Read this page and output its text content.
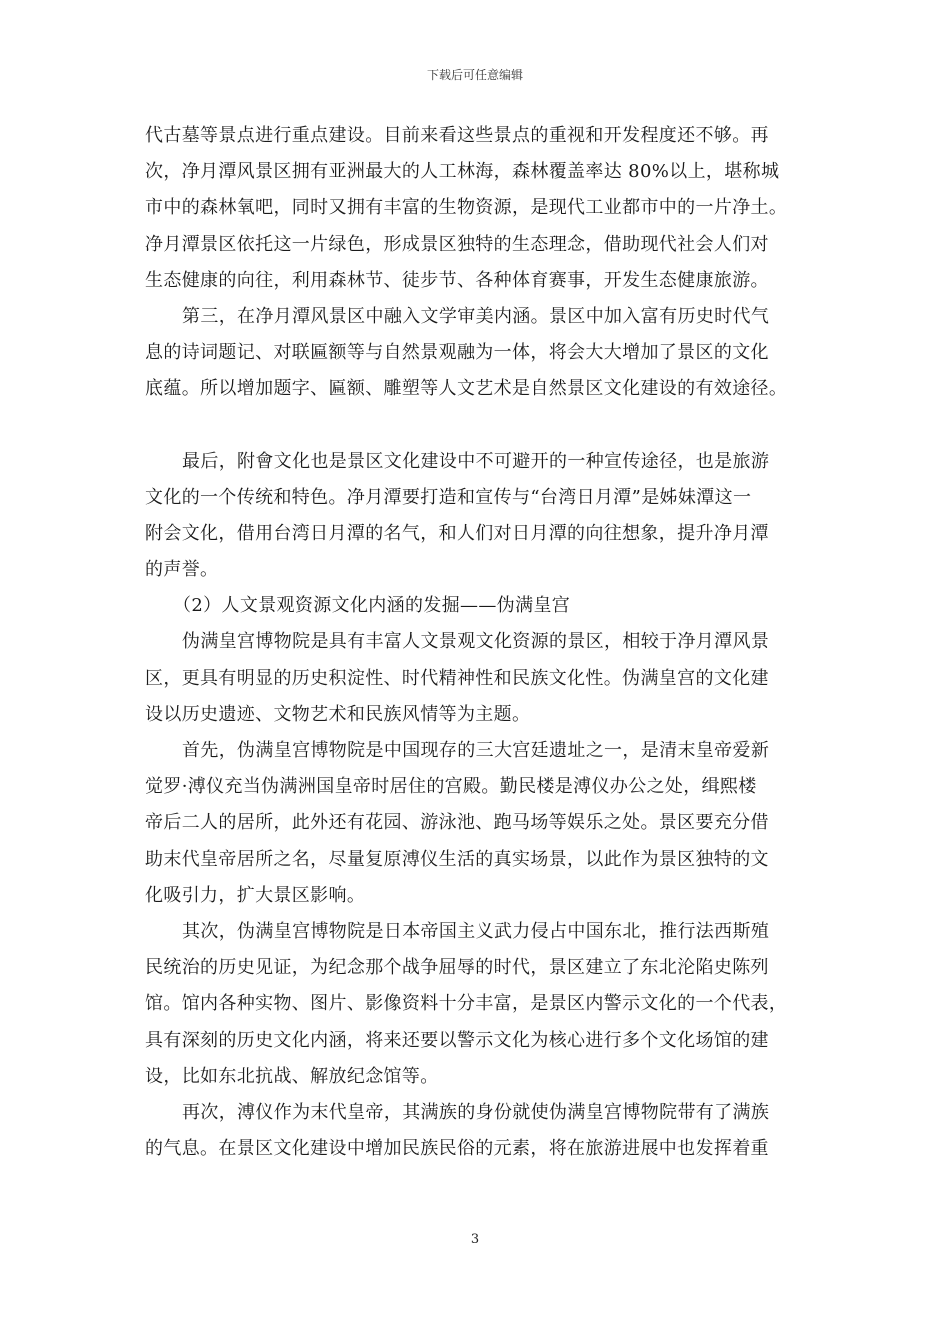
下载后可任意编辑
代古墓等景点进行重点建设。目前来看这些景点的重视和开发程度还不够。再
次，净月潭风景区拥有亚洲最大的人工林海，森林覆盖率达 80%以上，堪称城
市中的森林氧吧，同时又拥有丰富的生物资源，是现代工业都市中的一片净土。
净月潭景区依托这一片绿色，形成景区独特的生态理念，借助现代社会人们对
生态健康的向往，利用森林节、徒步节、各种体育赛事，开发生态健康旅游。
第三，在净月潭风景区中融入文学审美内涵。景区中加入富有历史时代气
息的诗词题记、对联匾额等与自然景观融为一体，将会大大增加了景区的文化
底蕴。所以增加题字、匾额、雕塑等人文艺术是自然景区文化建设的有效途径。
最后，附會文化也是景区文化建设中不可避开的一种宣传途径，也是旅游
文化的一个传统和特色。净月潭要打造和宣传与“台湾日月潭”是姊妹潭这一
附会文化，借用台湾日月潭的名气，和人们对日月潭的向往想象，提升净月潭
的声誉。
（2）人文景观资源文化内涵的发掘——伪满皇宫
伪满皇宫博物院是具有丰富人文景观文化资源的景区，相较于净月潭风景
区，更具有明显的历史积淀性、时代精神性和民族文化性。伪满皇宫的文化建
设以历史遗迹、文物艺术和民族风情等为主题。
首先，伪满皇宫博物院是中国现存的三大宫廷遗址之一，是清末皇帝爱新
觉罗·溥仪充当伪满洲国皇帝时居住的宫殿。勤民楼是溥仪办公之处，缉熙楼
帝后二人的居所，此外还有花园、游泳池、跑马场等娱乐之处。景区要充分借
助末代皇帝居所之名，尽量复原溥仪生活的真实场景，以此作为景区独特的文
化吸引力，扩大景区影响。
其次，伪满皇宫博物院是日本帝国主义武力侵占中国东北，推行法西斯殖
民统治的历史见证，为纪念那个战争屈辱的时代，景区建立了东北沦陷史陈列
馆。馆内各种实物、图片、影像资料十分丰富，是景区内警示文化的一个代表，
具有深刻的历史文化内涵，将来还要以警示文化为核心进行多个文化场馆的建
设，比如东北抗战、解放纪念馆等。
再次，溥仪作为末代皇帝，其满族的身份就使伪满皇宫博物院带有了满族
的气息。在景区文化建设中增加民族民俗的元素，将在旅游进展中也发挥着重
3
